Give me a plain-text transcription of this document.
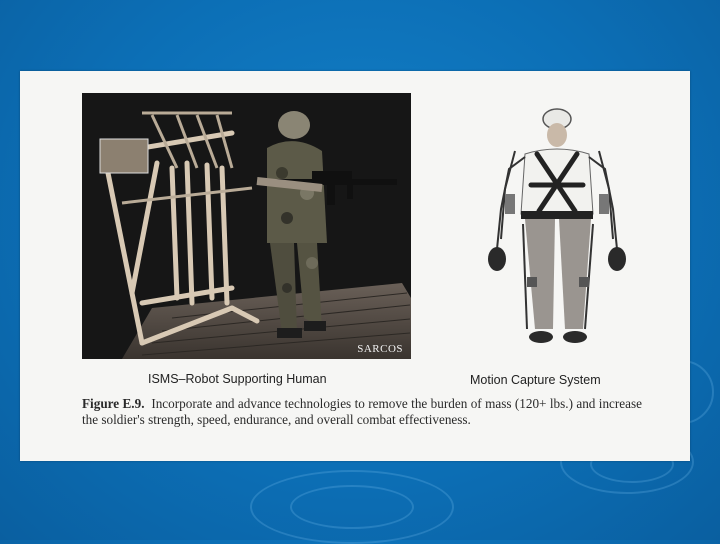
SARCOS
ISMS–Robot Supporting Human	Motion Capture System
Figure E.9. Incorporate and advance technologies to remove the burden of mass (120+ lbs.) and increase the soldier's strength, speed, endurance, and overall combat effectiveness.
